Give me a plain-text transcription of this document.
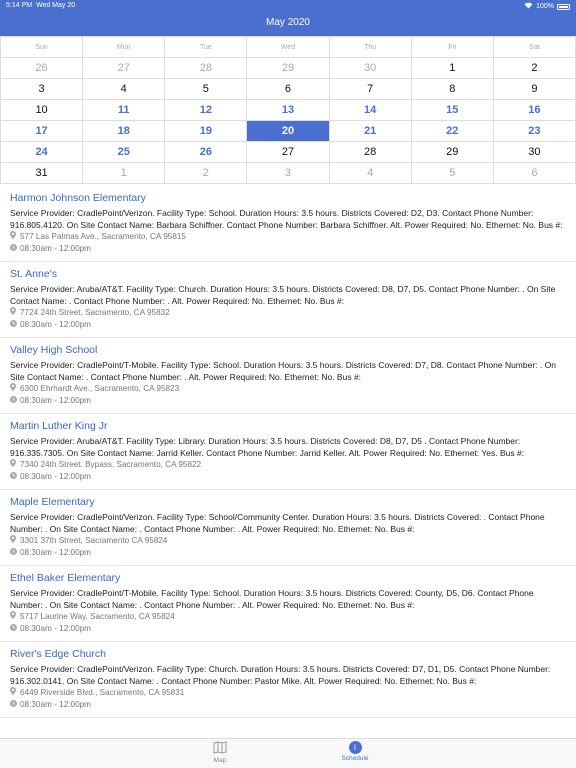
5:14 PM Wed May 20	100%
May 2020
Sun	Mon	Tue	Wed	Thu	Fri	Sat
26	27	28	29	30	1	2
3	4	5	6	7	8	9
10	11	12	13	14	15	16
17	18	19	20	21	22	23
24	25	26	27	28	29	30
31	1	2	3	4	5	6
Harmon Johnson Elementary
Service Provider: CradlePoint/Verizon. Facility Type: School. Duration Hours: 3.5 hours. Districts Covered: D2, D3. Contact Phone Number: 916.805.4120. On Site Contact Name: Barbara Schiffner. Contact Phone Number: Barbara Schiffner. Alt. Power Required: No. Ethernet: No. Bus #:
577 Las Palmas Ave., Sacramento, CA 95815
08:30am - 12:00pm
St. Anne's
Service Provider: Aruba/AT&T. Facility Type: Church. Duration Hours: 3.5 hours. Districts Covered: D8, D7, D5. Contact Phone Number: . On Site Contact Name: . Contact Phone Number: . Alt. Power Required: No. Ethernet: No. Bus #:
7724 24th Street, Sacramento, CA 95832
08:30am - 12:00pm
Valley High School
Service Provider: CradlePoint/T-Mobile. Facility Type: School. Duration Hours: 3.5 hours. Districts Covered: D7, D8. Contact Phone Number: . On Site Contact Name: . Contact Phone Number: . Alt. Power Required: No. Ethernet: No. Bus #:
6300 Ehrhardt Ave., Sacramento, CA 95823
08:30am - 12:00pm
Martin Luther King Jr
Service Provider: Aruba/AT&T. Facility Type: Library. Duration Hours: 3.5 hours. Districts Covered: D8, D7, D5 . Contact Phone Number: 916.335.7305. On Site Contact Name: Jarrid Keller. Contact Phone Number: Jarrid Keller. Alt. Power Required: No. Ethernet: Yes. Bus #:
7340 24th Street. Bypass, Sacramento, CA 95822
08:30am - 12:00pm
Maple Elementary
Service Provider: CradlePoint/Verizon. Facility Type: School/Community Center. Duration Hours: 3.5 hours. Districts Covered: . Contact Phone Number: . On Site Contact Name: . Contact Phone Number: . Alt. Power Required: No. Ethernet: No. Bus #:
3301 37th Street, Sacramento CA 95824
08:30am - 12:00pm
Ethel Baker Elementary
Service Provider: CradlePoint/T-Mobile. Facility Type: School. Duration Hours: 3.5 hours. Districts Covered: County, D5, D6. Contact Phone Number: . On Site Contact Name: . Contact Phone Number: . Alt. Power Required: No. Ethernet: No. Bus #:
5717 Laurine Way, Sacramento, CA 95824
08:30am - 12:00pm
River's Edge Church
Service Provider: CradlePoint/Verizon. Facility Type: Church. Duration Hours: 3.5 hours. Districts Covered: D7, D1, D5. Contact Phone Number: 916.302.0141. On Site Contact Name: . Contact Phone Number: Pastor Mike. Alt. Power Required: No. Ethernet: No. Bus #:
6449 Riverside Blvd., Sacramento, CA 95831
08:30am - 12:00pm
Map
i
Schedule
